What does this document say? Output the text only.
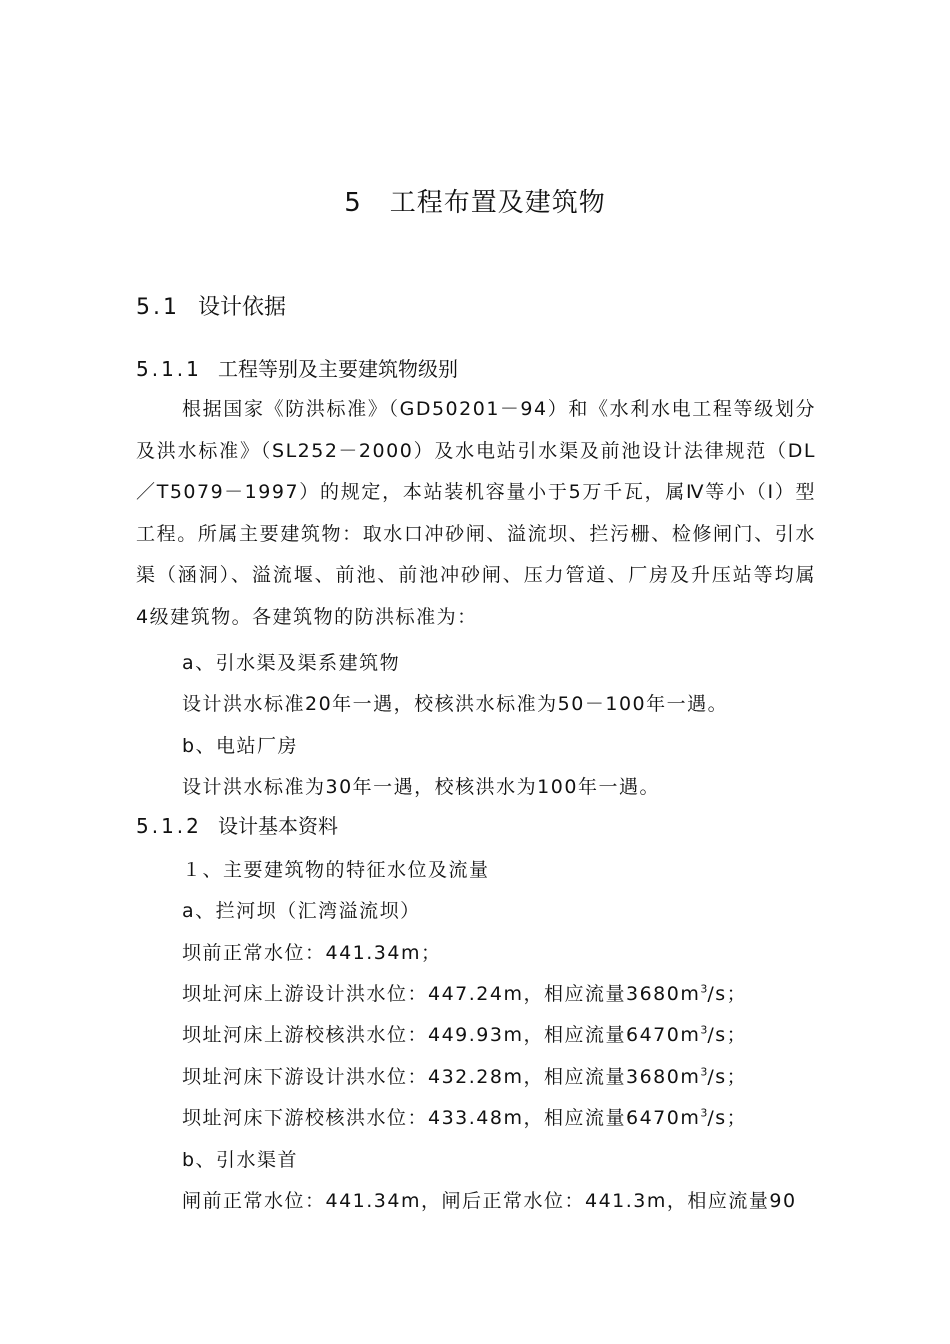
5 工程布置及建筑物
5.1 设计依据
5.1.1 工程等别及主要建筑物级别

根据国家《防洪标准》（GD50201－94）和《水利水电工程等级划分及洪水标准》（SL252－2000）及水电站引水渠及前池设计法律规范（DL／T5079－1997）的规定，本站装机容量小于5万千瓦，属Ⅳ等小（Ⅰ）型工程。所属主要建筑物：取水口冲砂闸、溢流坝、拦污栅、检修闸门、引水渠（涵洞）、溢流堰、前池、前池冲砂闸、压力管道、厂房及升压站等均属4级建筑物。各建筑物的防洪标准为：

a、引水渠及渠系建筑物
设计洪水标准20年一遇，校核洪水标准为50－100年一遇。
b、电站厂房
设计洪水标准为30年一遇，校核洪水为100年一遇。
5.1.2 设计基本资料
１、主要建筑物的特征水位及流量
a、拦河坝（汇湾溢流坝）
坝前正常水位：441.34m；
坝址河床上游设计洪水位：447.24m，相应流量$3680m^3/s$；
坝址河床上游校核洪水位：449.93m，相应流量$6470m^3/s$；
坝址河床下游设计洪水位：432.28m，相应流量$3680m^3/s$；
坝址河床下游校核洪水位：433.48m，相应流量$6470m^3/s$；
b、引水渠首
闸前正常水位：441.34m，闸后正常水位：441.3m，相应流量90
